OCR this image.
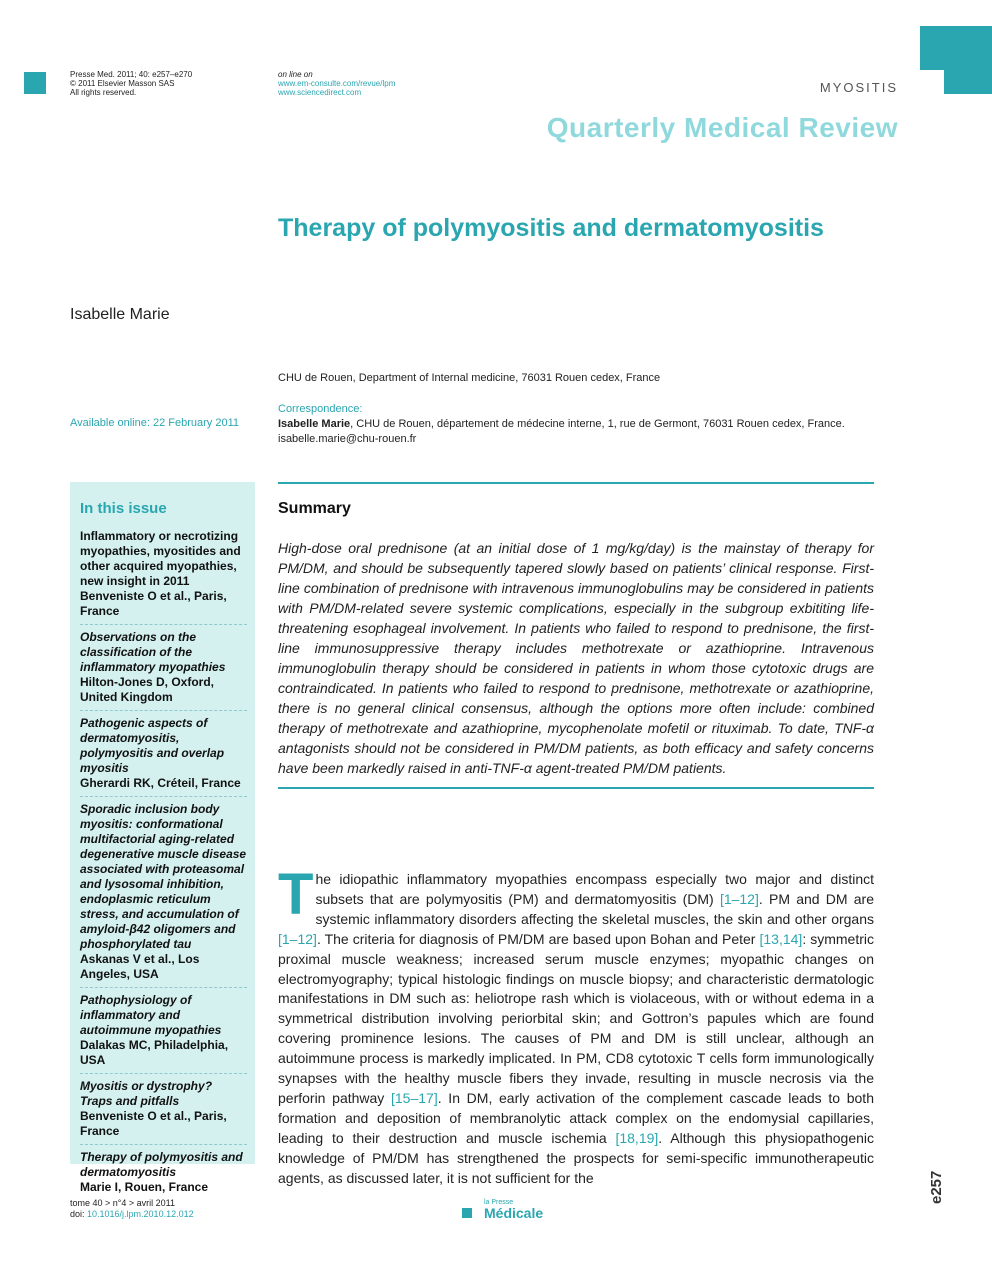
Presse Med. 2011; 40: e257–e270
© 2011 Elsevier Masson SAS
All rights reserved.
on line on
www.em-consulte.com/revue/lpm
www.sciencedirect.com	MYOSITIS
Quarterly Medical Review
Therapy of polymyositis and dermatomyositis
Isabelle Marie
CHU de Rouen, Department of Internal medicine, 76031 Rouen cedex, France
Available online: 22 February 2011
Correspondence:
Isabelle Marie, CHU de Rouen, département de médecine interne, 1, rue de Germont, 76031 Rouen cedex, France.
isabelle.marie@chu-rouen.fr
In this issue
Inflammatory or necrotizing myopathies, myositides and other acquired myopathies, new insight in 2011
Benveniste O et al., Paris, France
Observations on the classification of the inflammatory myopathies
Hilton-Jones D, Oxford, United Kingdom
Pathogenic aspects of dermatomyositis, polymyositis and overlap myositis
Gherardi RK, Créteil, France
Sporadic inclusion body myositis: conformational multifactorial aging-related degenerative muscle disease associated with proteasomal and lysosomal inhibition, endoplasmic reticulum stress, and accumulation of amyloid-β42 oligomers and phosphorylated tau
Askanas V et al., Los Angeles, USA
Pathophysiology of inflammatory and autoimmune myopathies
Dalakas MC, Philadelphia, USA
Myositis or dystrophy? Traps and pitfalls
Benveniste O et al., Paris, France
Therapy of polymyositis and dermatomyositis
Marie I, Rouen, France
Summary

High-dose oral prednisone (at an initial dose of 1 mg/kg/day) is the mainstay of therapy for PM/DM, and should be subsequently tapered slowly based on patients’ clinical response. First-line combination of prednisone with intravenous immunoglobulins may be considered in patients with PM/DM-related severe systemic complications, especially in the subgroup exbititing life-threatening esophageal involvement. In patients who failed to respond to prednisone, the first-line immunosuppressive therapy includes methotrexate or azathioprine. Intravenous immunoglobulin therapy should be considered in patients in whom those cytotoxic drugs are contraindicated. In patients who failed to respond to prednisone, methotrexate or azathioprine, there is no general clinical consensus, although the options more often include: combined therapy of methotrexate and azathioprine, mycophenolate mofetil or rituximab. To date, TNF-α antagonists should not be considered in PM/DM patients, as both efficacy and safety concerns have been markedly raised in anti-TNF-α agent-treated PM/DM patients.

The idiopathic inflammatory myopathies encompass especially two major and distinct subsets that are polymyositis (PM) and dermatomyositis (DM) [1–12]. PM and DM are systemic inflammatory disorders affecting the skeletal muscles, the skin and other organs [1–12]. The criteria for diagnosis of PM/DM are based upon Bohan and Peter [13,14]: symmetric proximal muscle weakness; increased serum muscle enzymes; myopathic changes on electromyography; typical histologic findings on muscle biopsy; and characteristic dermatologic manifestations in DM such as: heliotrope rash which is violaceous, with or without edema in a symmetrical distribution involving periorbital skin; and Gottron’s papules which are found covering prominence lesions. The causes of PM and DM is still unclear, although an autoimmune process is markedly implicated. In PM, CD8 cytotoxic T cells form immunologically synapses with the healthy muscle fibers they invade, resulting in muscle necrosis via the perforin pathway [15–17]. In DM, early activation of the complement cascade leads to both formation and deposition of membranolytic attack complex on the endomysial capillaries, leading to their destruction and muscle ischemia [18,19]. Although this physiopathogenic knowledge of PM/DM has strengthened the prospects for semi-specific immunotherapeutic agents, as discussed later, it is not sufficient for the
tome 40 > n°4 > avril 2011
doi: 10.1016/j.lpm.2010.12.012
la Presse
Médicale
e257
